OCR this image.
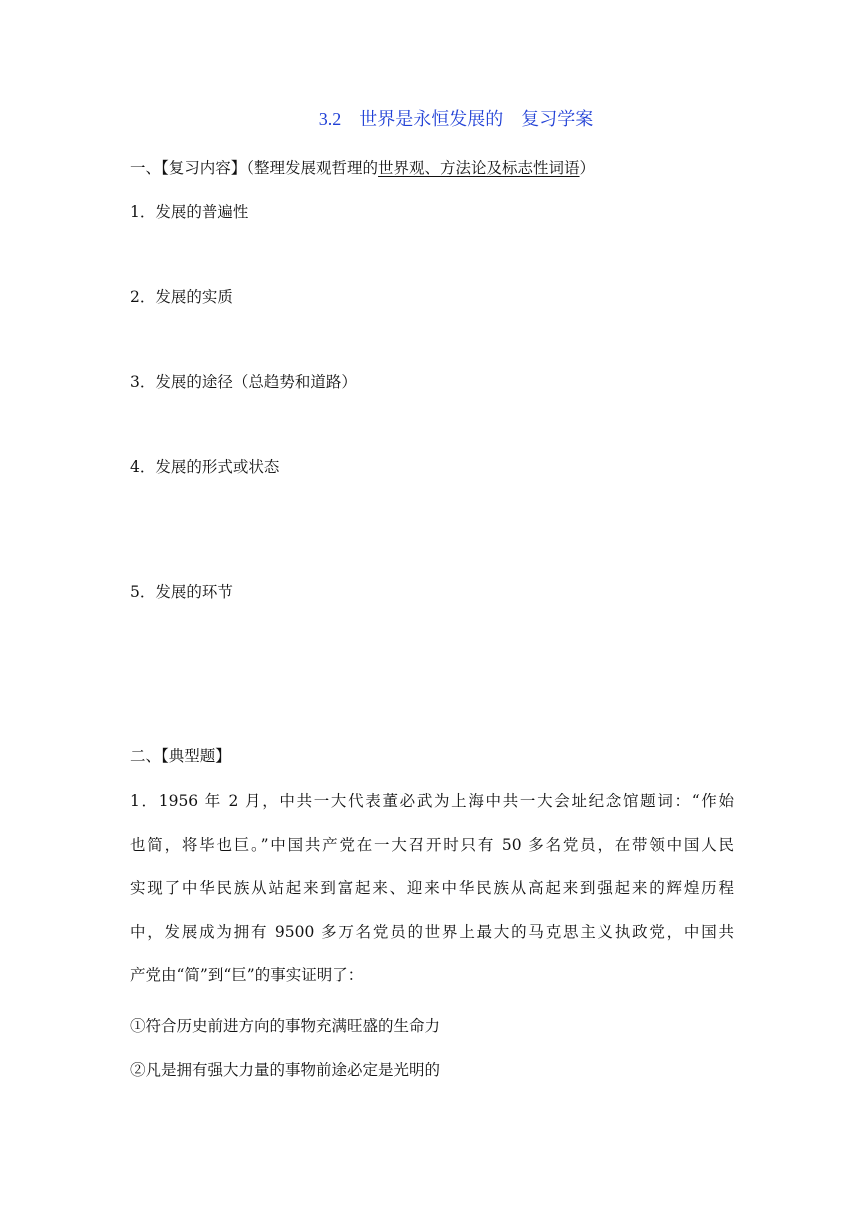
3.2 世界是永恒发展的 复习学案
一、【复习内容】（整理发展观哲理的世界观、方法论及标志性词语）
1．发展的普遍性
2．发展的实质
3．发展的途径（总趋势和道路）
4．发展的形式或状态
5．发展的环节
二、【典型题】
1．1956 年 2 月，中共一大代表董必武为上海中共一大会址纪念馆题词：“作始
也简，将毕也巨。”中国共产党在一大召开时只有 50 多名党员，在带领中国人民
实现了中华民族从站起来到富起来、迎来中华民族从高起来到强起来的辉煌历程
中，发展成为拥有 9500 多万名党员的世界上最大的马克思主义执政党，中国共
产党由“简”到“巨”的事实证明了：
①符合历史前进方向的事物充满旺盛的生命力
②凡是拥有强大力量的事物前途必定是光明的
